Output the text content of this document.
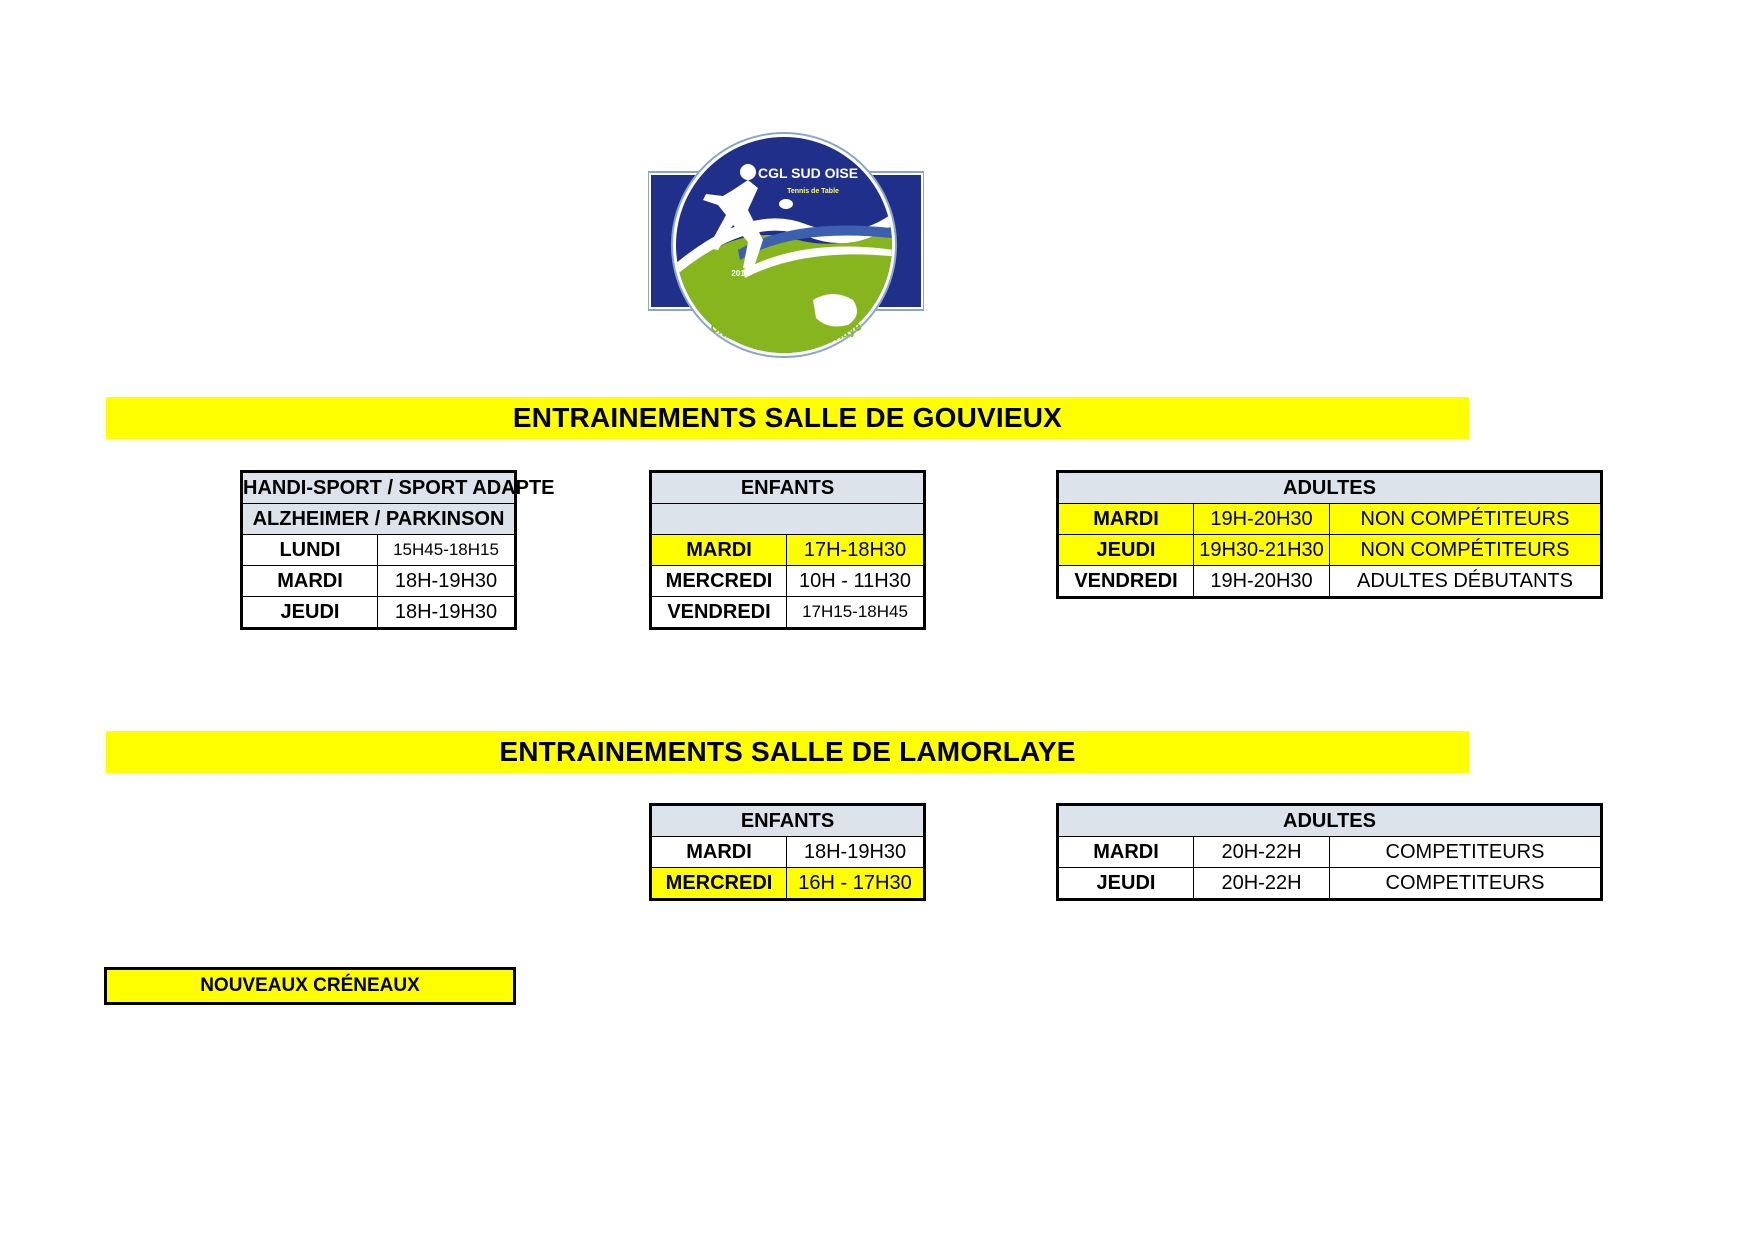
CGL SUD OISE
Tennis de Table
2011
Club Gouvieux Lamorlaye
ENTRAINEMENTS SALLE DE GOUVIEUX
HANDI-SPORT / SPORT ADAPTE	
ALZHEIMER / PARKINSON	
LUNDI	15H45-18H15
MARDI	18H-19H30
JEUDI	18H-19H30
ENFANTS	

MARDI	17H-18H30
MERCREDI	10H - 11H30
VENDREDI	17H15-18H45
ADULTES		
MARDI	19H-20H30	NON COMPÉTITEURS
JEUDI	19H30-21H30	NON COMPÉTITEURS
VENDREDI	19H-20H30	ADULTES DÉBUTANTS
ENTRAINEMENTS SALLE DE LAMORLAYE
ENFANTS	
MARDI	18H-19H30
MERCREDI	16H - 17H30
ADULTES		
MARDI	20H-22H	COMPETITEURS
JEUDI	20H-22H	COMPETITEURS
NOUVEAUX CRÉNEAUX
